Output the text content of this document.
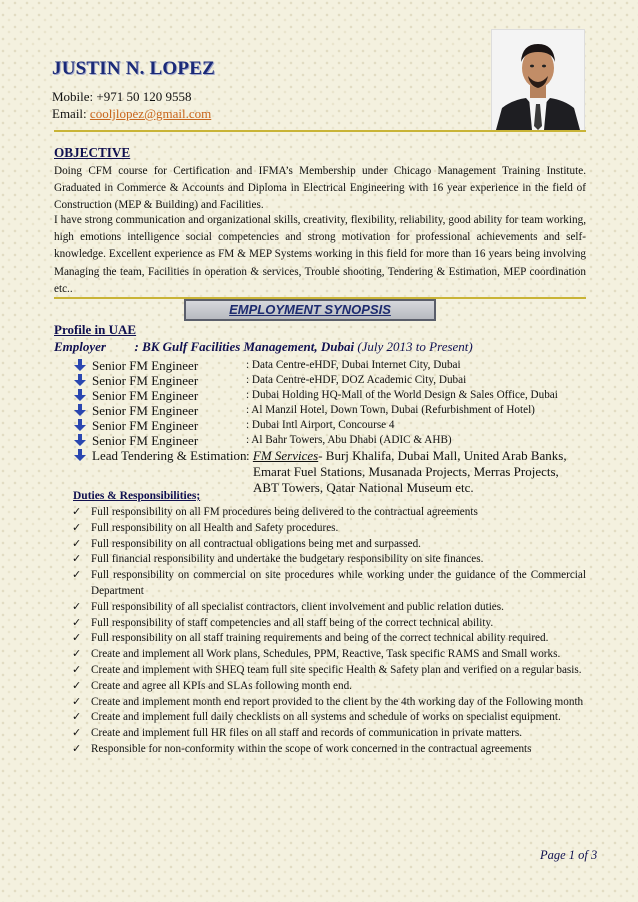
JUSTIN N. LOPEZ
Mobile: +971 50 120 9558
Email: cooljlopez@gmail.com
OBJECTIVE
Doing CFM course for Certification and IFMA’s Membership under Chicago Management Training Institute. Graduated in Commerce & Accounts and Diploma in Electrical Engineering with 16 year experience in the field of Construction (MEP & Building) and Facilities.
I have strong communication and organizational skills, creativity, flexibility, reliability, good ability for team working, high emotions intelligence social competencies and strong motivation for professional achievements and self-knowledge. Excellent experience as FM & MEP Systems working in this field for more than 16 years being involving Managing the team, Facilities in operation & services, Trouble shooting, Tendering & Estimation, MEP coordination etc..
EMPLOYMENT SYNOPSIS
Profile in UAE
Employer : BK Gulf Facilities Management, Dubai (July 2013 to Present)
Senior FM Engineer	: Data Centre-eHDF, Dubai Internet City, Dubai
Senior FM Engineer	: Data Centre-eHDF, DOZ Academic City, Dubai
Senior FM Engineer	: Dubai Holding HQ-Mall of the World Design & Sales Office, Dubai
Senior FM Engineer	: Al Manzil Hotel, Down Town, Dubai (Refurbishment of Hotel)
Senior FM Engineer	: Dubai Intl Airport, Concourse 4
Senior FM Engineer	: Al Bahr Towers, Abu Dhabi (ADIC & AHB)
Lead Tendering & Estimation : FM Services- Burj Khalifa, Dubai Mall, United Arab Banks,
Emarat Fuel Stations, Musanada Projects, Merras Projects,
ABT Towers, Qatar National Museum etc.
Duties & Responsibilities;
✓ Full responsibility on all FM procedures being delivered to the contractual agreements
✓ Full responsibility on all Health and Safety procedures.
✓ Full responsibility on all contractual obligations being met and surpassed.
✓ Full financial responsibility and undertake the budgetary responsibility on site finances.
✓ Full responsibility on commercial on site procedures while working under the guidance of the Commercial Department
✓ Full responsibility of all specialist contractors, client involvement and public relation duties.
✓ Full responsibility of staff competencies and all staff being of the correct technical ability.
✓ Full responsibility on all staff training requirements and being of the correct technical ability required.
✓ Create and implement all Work plans, Schedules, PPM, Reactive, Task specific RAMS and Small works.
✓ Create and implement with SHEQ team full site specific Health & Safety plan and verified on a regular basis.
✓ Create and agree all KPIs and SLAs following month end.
✓ Create and implement month end report provided to the client by the 4th working day of the Following month
✓ Create and implement full daily checklists on all systems and schedule of works on specialist equipment.
✓ Create and implement full HR files on all staff and records of communication in private matters.
✓ Responsible for non-conformity within the scope of work concerned in the contractual agreements
Page 1 of 3
